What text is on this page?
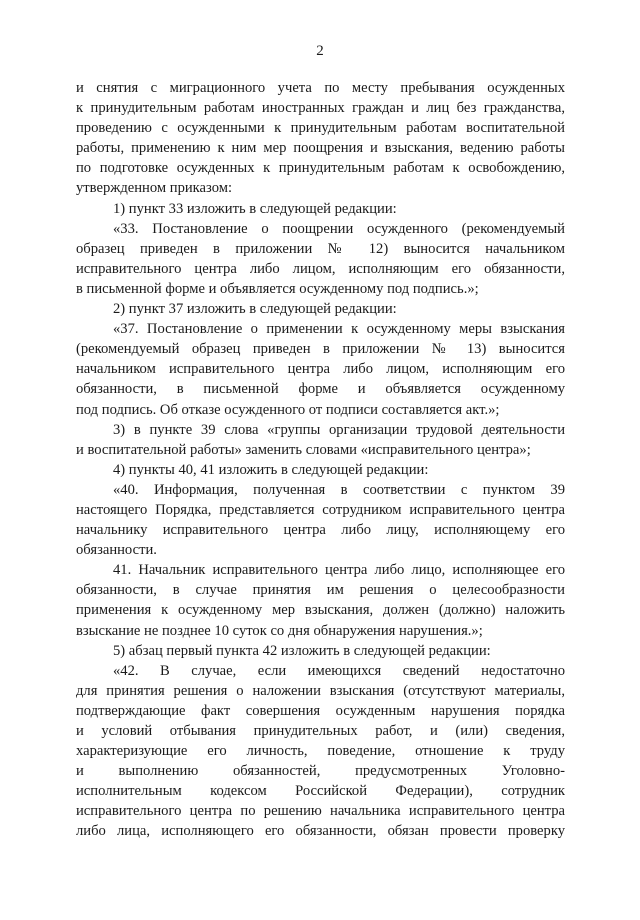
2
и снятия с миграционного учета по месту пребывания осужденных
к принудительным работам иностранных граждан и лиц без гражданства,
проведению с осужденными к принудительным работам воспитательной
работы, применению к ним мер поощрения и взыскания, ведению работы
по подготовке осужденных к принудительным работам к освобождению,
утвержденном приказом:
1) пункт 33 изложить в следующей редакции:
«33. Постановление о поощрении осужденного (рекомендуемый
образец приведен в приложении № 12) выносится начальником
исправительного центра либо лицом, исполняющим его обязанности,
в письменной форме и объявляется осужденному под подпись.»;
2) пункт 37 изложить в следующей редакции:
«37. Постановление о применении к осужденному меры взыскания
(рекомендуемый образец приведен в приложении № 13) выносится
начальником исправительного центра либо лицом, исполняющим его
обязанности, в письменной форме и объявляется осужденному
под подпись. Об отказе осужденного от подписи составляется акт.»;
3) в пункте 39 слова «группы организации трудовой деятельности
и воспитательной работы» заменить словами «исправительного центра»;
4) пункты 40, 41 изложить в следующей редакции:
«40. Информация, полученная в соответствии с пунктом 39
настоящего Порядка, представляется сотрудником исправительного центра
начальнику исправительного центра либо лицу, исполняющему его
обязанности.
41. Начальник исправительного центра либо лицо, исполняющее его
обязанности, в случае принятия им решения о целесообразности
применения к осужденному мер взыскания, должен (должно) наложить
взыскание не позднее 10 суток со дня обнаружения нарушения.»;
5) абзац первый пункта 42 изложить в следующей редакции:
«42. В случае, если имеющихся сведений недостаточно
для принятия решения о наложении взыскания (отсутствуют материалы,
подтверждающие факт совершения осужденным нарушения порядка
и условий отбывания принудительных работ, и (или) сведения,
характеризующие его личность, поведение, отношение к труду
и выполнению обязанностей, предусмотренных Уголовно-
исполнительным кодексом Российской Федерации), сотрудник
исправительного центра по решению начальника исправительного центра
либо лица, исполняющего его обязанности, обязан провести проверку
